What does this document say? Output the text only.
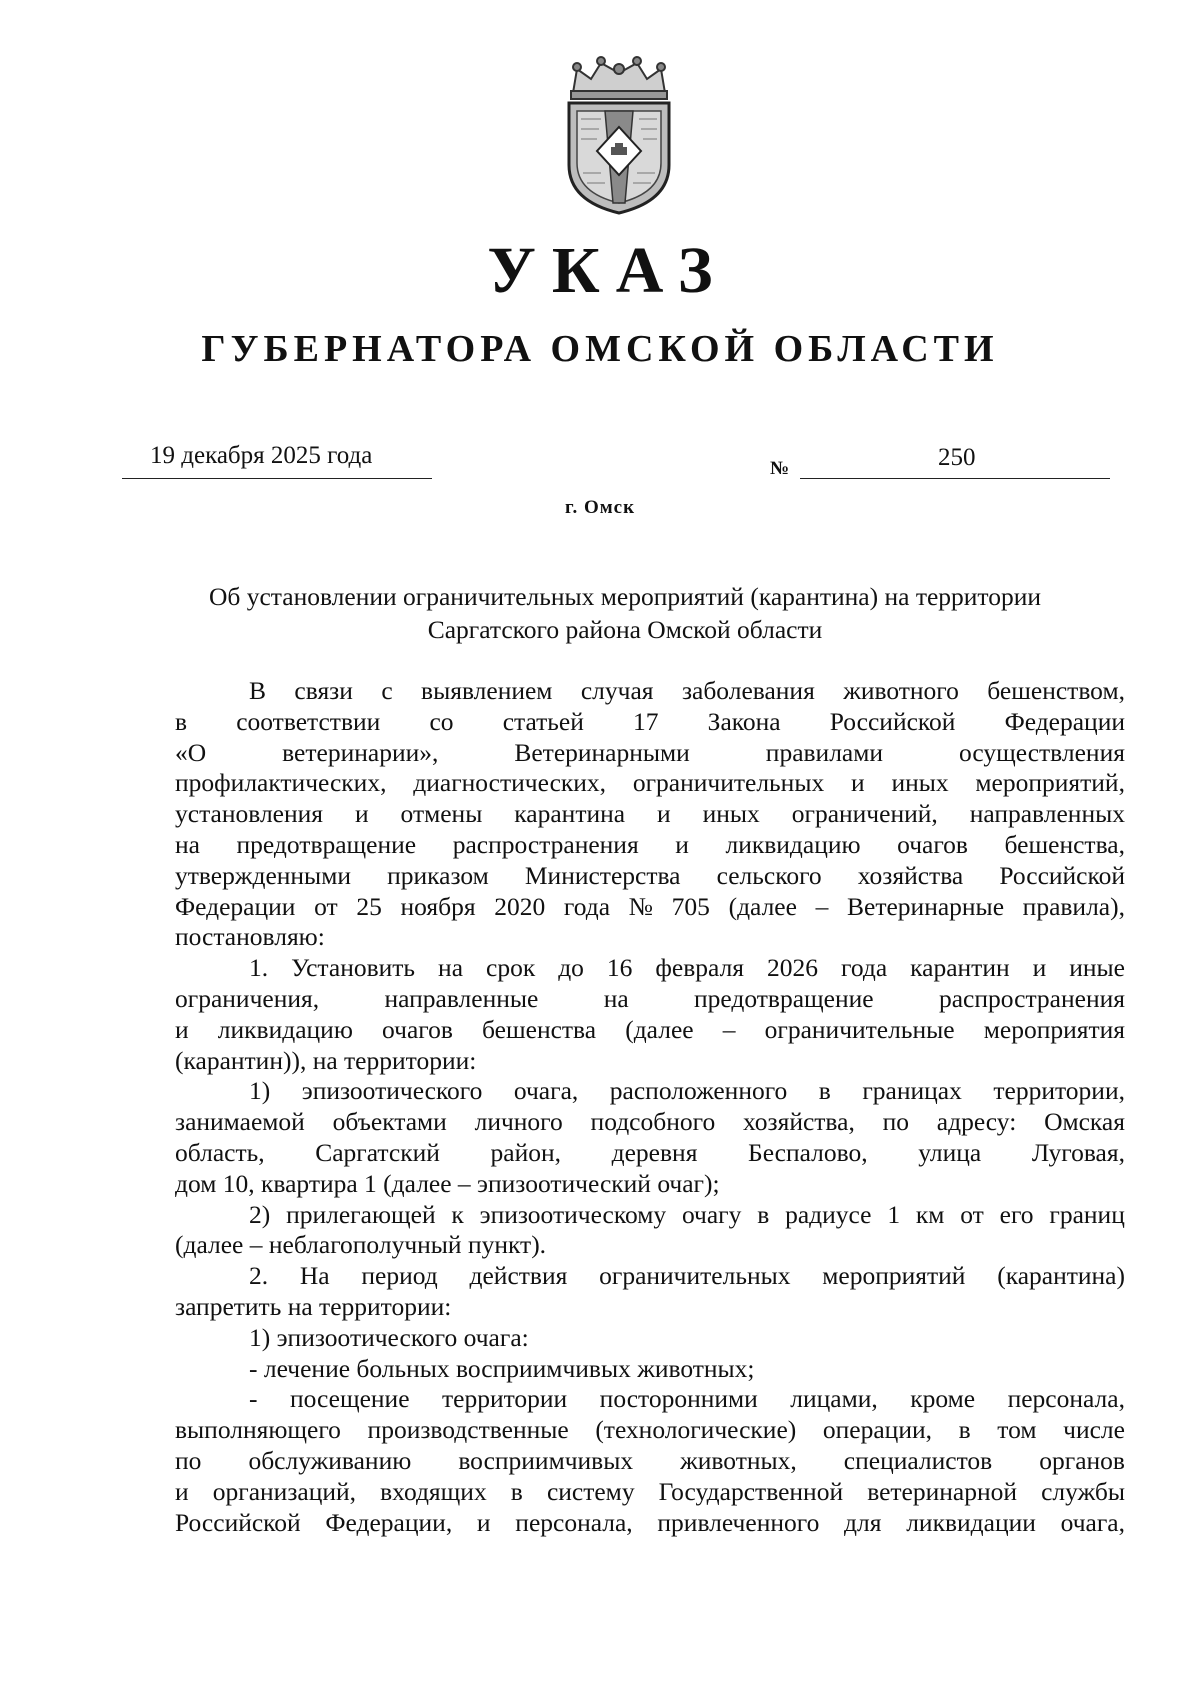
УКАЗ
ГУБЕРНАТОРА ОМСКОЙ ОБЛАСТИ
19 декабря 2025 года	№	250
г. Омск
Об установлении ограничительных мероприятий (карантина) на территории
Саргатского района Омской области
В связи с выявлением случая заболевания животного бешенством,
в соответствии со статьей 17 Закона Российской Федерации
«О	ветеринарии»,	Ветеринарными	правилами	осуществления
профилактических, диагностических, ограничительных и иных мероприятий,
установления и отмены карантина и иных ограничений, направленных
на предотвращение распространения и ликвидацию очагов бешенства,
утвержденными приказом Министерства сельского хозяйства Российской
Федерации от 25 ноября 2020 года № 705 (далее – Ветеринарные правила),
постановляю:
1. Установить на срок до 16 февраля 2026 года карантин и иные
ограничения,	направленные	на	предотвращение	распространения
и ликвидацию очагов бешенства (далее – ограничительные мероприятия
(карантин)), на территории:
1) эпизоотического очага, расположенного в границах территории,
занимаемой объектами личного подсобного хозяйства, по адресу: Омская
область, Саргатский район, деревня Беспалово, улица Луговая,
дом 10, квартира 1 (далее – эпизоотический очаг);
2) прилегающей к эпизоотическому очагу в радиусе 1 км от его границ
(далее – неблагополучный пункт).
2. На период действия ограничительных мероприятий (карантина)
запретить на территории:
1) эпизоотического очага:
- лечение больных восприимчивых животных;
- посещение территории посторонними лицами, кроме персонала,
выполняющего производственные (технологические) операции, в том числе
по обслуживанию восприимчивых животных, специалистов органов
и организаций, входящих в систему Государственной ветеринарной службы
Российской Федерации, и персонала, привлеченного для ликвидации очага,
